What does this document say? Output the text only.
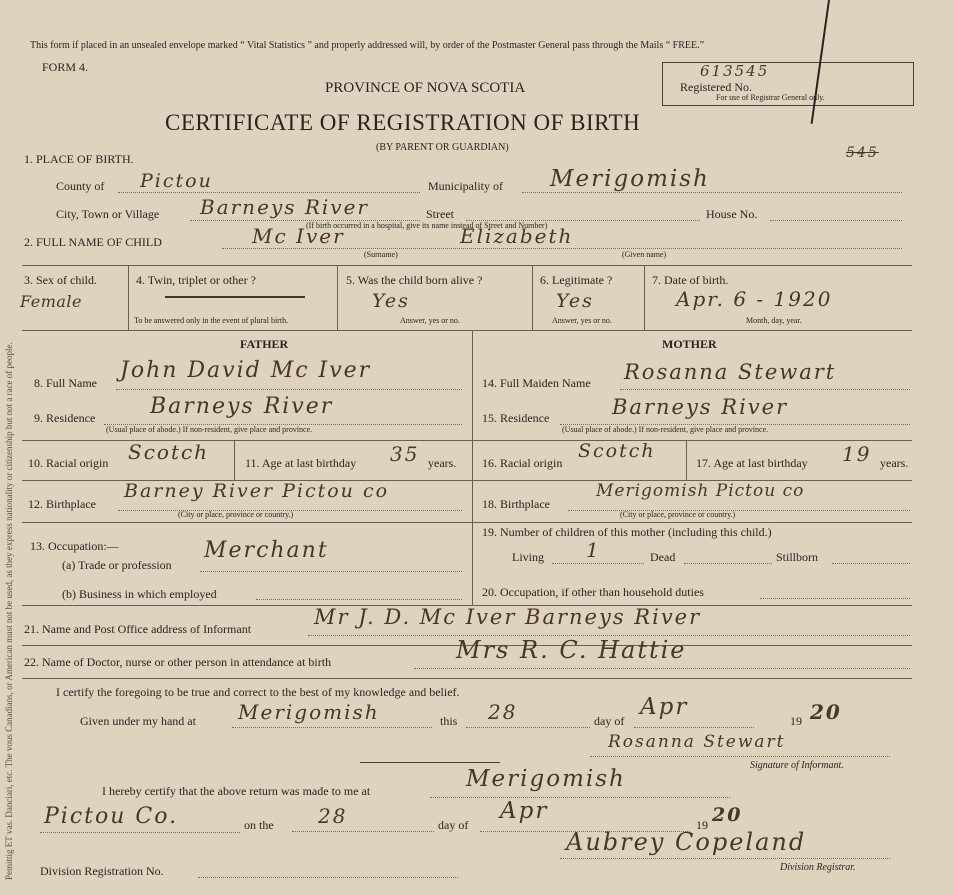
Pemittig ET vas. Danciari, etc. The vous Canadians, or American must not be used, as they express nationality or citizenship but not a race of people.
This form if placed in an unsealed envelope marked “ Vital Statistics ” and properly addressed will, by order of the Postmaster General pass through the Mails “ FREE.”
FORM 4.
PROVINCE OF NOVA SCOTIA
CERTIFICATE OF REGISTRATION OF BIRTH
(BY PARENT OR GUARDIAN)
613545
Registered No.
For use of Registrar General only.
545
1. PLACE OF BIRTH.
County of Pictou	Municipality of Merigomish
City, Town or Village Barneys River	Street	House No.
(If birth occurred in a hospital, give its name instead of Street and Number)
2. FULL NAME OF CHILD	Mc Iver	Elizabeth
(Surname)	(Given name)
3. Sex of child.
Female
4. Twin, triplet or other ?
To be answered only in the event of plural birth.
5. Was the child born alive ?
Yes
Answer, yes or no.
6. Legitimate ?
Yes
Answer, yes or no.
7. Date of birth.
Apr. 6 - 1920
Month, day, year.
FATHER	MOTHER
8. Full Name John David Mc Iver
9. Residence Barneys River
(Usual place of abode.) If non-resident, give place and province.
10. Racial origin Scotch	11. Age at last birthday 35 years.
12. Birthplace
Barney River Pictou co
(City or place, province or country.)
13. Occupation:—
(a) Trade or profession
Merchant
(b) Business in which employed
14. Full Maiden Name Rosanna Stewart
15. Residence	Barneys River
(Usual place of abode.) If non-resident, give place and province.
16. Racial origin
Scotch
17. Age at last birthday 19 years.
18. Birthplace
Merigomish Pictou co
(City or place, province or country.)
19. Number of children of this mother (including this child.)
Living 1	Dead	Stillborn
20. Occupation, if other than household duties
21. Name and Post Office address of Informant	Mr J. D. Mc Iver Barneys River
22. Name of Doctor, nurse or other person in attendance at birth	Mrs R. C. Hattie
I certify the foregoing to be true and correct to the best of my knowledge and belief.
Given under my hand at Merigomish	this 28	day of
Apr
19 20
Rosanna Stewart
Signature of Informant.
I hereby certify that the above return was made to me at	Merigomish
Pictou Co.	on the 28	day of
Apr
19 20
Division Registration No.
Aubrey Copeland
Division Registrar.
